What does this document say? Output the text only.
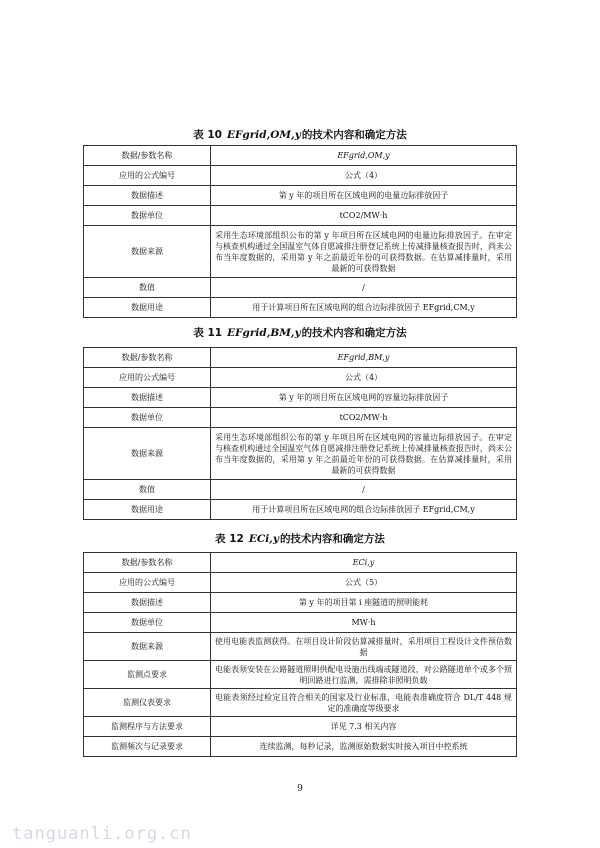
表 10 EFgrid,OM,y的技术内容和确定方法
数据/参数名称	EFgrid,OM,y
应用的公式编号	公式（4）
数据描述	第 y 年的项目所在区域电网的电量边际排放因子
数据单位	tCO2/MW·h
数据来源	采用生态环境部组织公布的第 y 年项目所在区域电网的电量边际排放因子。在审定与核查机构通过全国温室气体自愿减排注册登记系统上传减排量核查报告时，尚未公布当年度数据的，采用第 y 年之前最近年份的可获得数据。在估算减排量时，采用最新的可获得数据
数值	/
数据用途	用于计算项目所在区域电网的组合边际排放因子 EFgrid,CM,y
表 11 EFgrid,BM,y的技术内容和确定方法
数据/参数名称	EFgrid,BM,y
应用的公式编号	公式（4）
数据描述	第 y 年的项目所在区域电网的容量边际排放因子
数据单位	tCO2/MW·h
数据来源	采用生态环境部组织公布的第 y 年项目所在区域电网的容量边际排放因子。在审定与核查机构通过全国温室气体自愿减排注册登记系统上传减排量核查报告时，尚未公布当年度数据的，采用第 y 年之前最近年份的可获得数据。在估算减排量时，采用最新的可获得数据
数值	/
数据用途	用于计算项目所在区域电网的组合边际排放因子 EFgrid,CM,y
表 12 ECi,y的技术内容和确定方法
数据/参数名称	ECi,y
应用的公式编号	公式（5）
数据描述	第 y 年的项目第 i 座隧道的照明能耗
数据单位	MW·h
数据来源	使用电能表监测获得。在项目设计阶段估算减排量时，采用项目工程设计文件预估数据
监测点要求	电能表须安装在公路隧道照明供配电设施出线端或隧道段，对公路隧道单个或多个照明回路进行监测，需排除非照明负载
监测仪表要求	电能表须经过检定且符合相关的国家及行业标准，电能表准确度符合 DL/T 448 规定的准确度等级要求
监测程序与方法要求	详见 7.3 相关内容
监测频次与记录要求	连续监测，每秒记录，监测原始数据实时接入项目中控系统
9
tanguanli.org.cn
